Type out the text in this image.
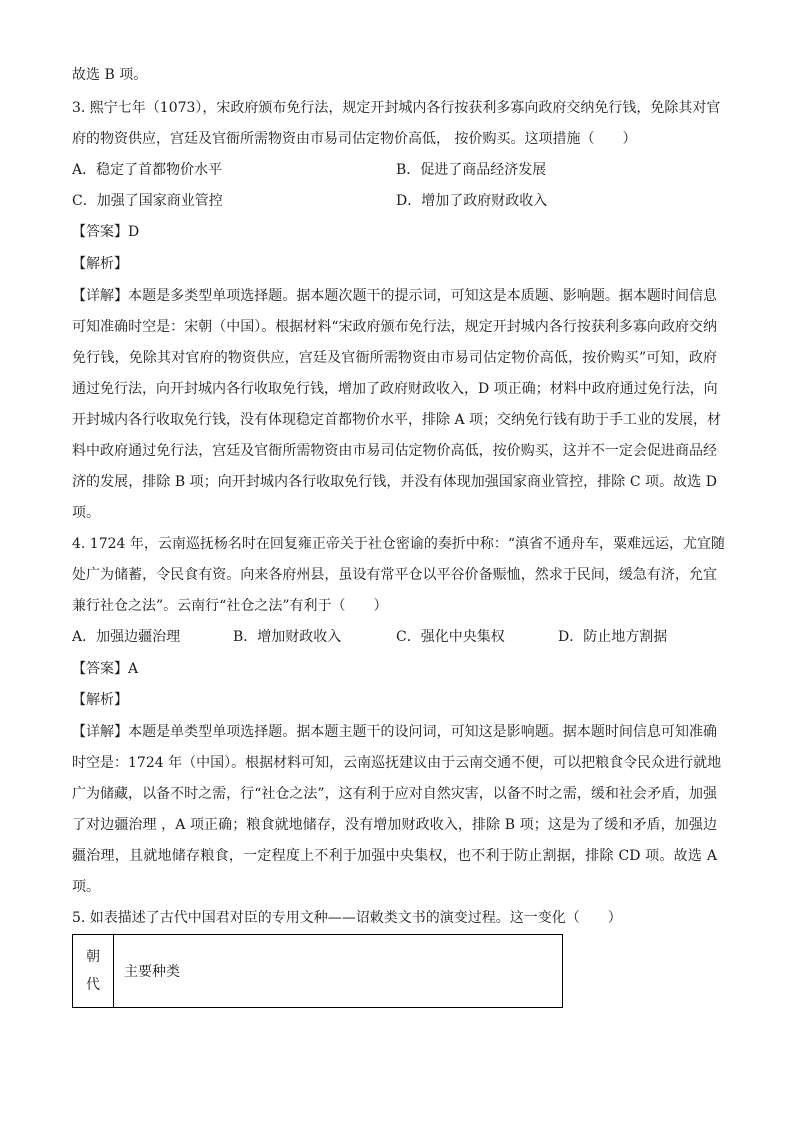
故选 B 项。
3. 熙宁七年（1073），宋政府颁布免行法，规定开封城内各行按获利多寡向政府交纳免行钱，免除其对官
府的物资供应，宫廷及官衙所需物资由市易司估定物价高低， 按价购买。这项措施（　　）
A．稳定了首都物价水平	B．促进了商品经济发展
C．加强了国家商业管控	D．增加了政府财政收入
【答案】D
【解析】
【详解】本题是多类型单项选择题。据本题次题干的提示词，可知这是本质题、影响题。据本题时间信息
可知准确时空是：宋朝（中国）。根据材料“宋政府颁布免行法，规定开封城内各行按获利多寡向政府交纳
免行钱，免除其对官府的物资供应，宫廷及官衙所需物资由市易司估定物价高低，按价购买”可知，政府
通过免行法，向开封城内各行收取免行钱，增加了政府财政收入，D 项正确；材料中政府通过免行法，向
开封城内各行收取免行钱，没有体现稳定首都物价水平，排除 A 项；交纳免行钱有助于手工业的发展，材
料中政府通过免行法，宫廷及官衙所需物资由市易司估定物价高低，按价购买，这并不一定会促进商品经
济的发展，排除 B 项；向开封城内各行收取免行钱，并没有体现加强国家商业管控，排除 C 项。故选 D
项。
4. 1724 年，云南巡抚杨名时在回复雍正帝关于社仓密谕的奏折中称：“滇省不通舟车，粟难远运，尤宜随
处广为储蓄，令民食有资。向来各府州县，虽设有常平仓以平谷价备赈恤，然求于民间，缓急有济，允宜
兼行社仓之法”。云南行“社仓之法”有利于（　　）
A．加强边疆治理	B．增加财政收入	C．强化中央集权	D．防止地方割据
【答案】A
【解析】
【详解】本题是单类型单项选择题。据本题主题干的设问词，可知这是影响题。据本题时间信息可知准确
时空是：1724 年（中国）。根据材料可知，云南巡抚建议由于云南交通不便，可以把粮食令民众进行就地
广为储藏，以备不时之需，行“社仓之法”，这有利于应对自然灾害，以备不时之需，缓和社会矛盾，加强
了对边疆治理 ，A 项正确；粮食就地储存，没有增加财政收入，排除 B 项；这是为了缓和矛盾，加强边
疆治理，且就地储存粮食，一定程度上不利于加强中央集权，也不利于防止割据，排除 CD 项。故选 A
项。
5. 如表描述了古代中国君对臣的专用文种——诏敕类文书的演变过程。这一变化（　　）
朝
代
	主要种类
